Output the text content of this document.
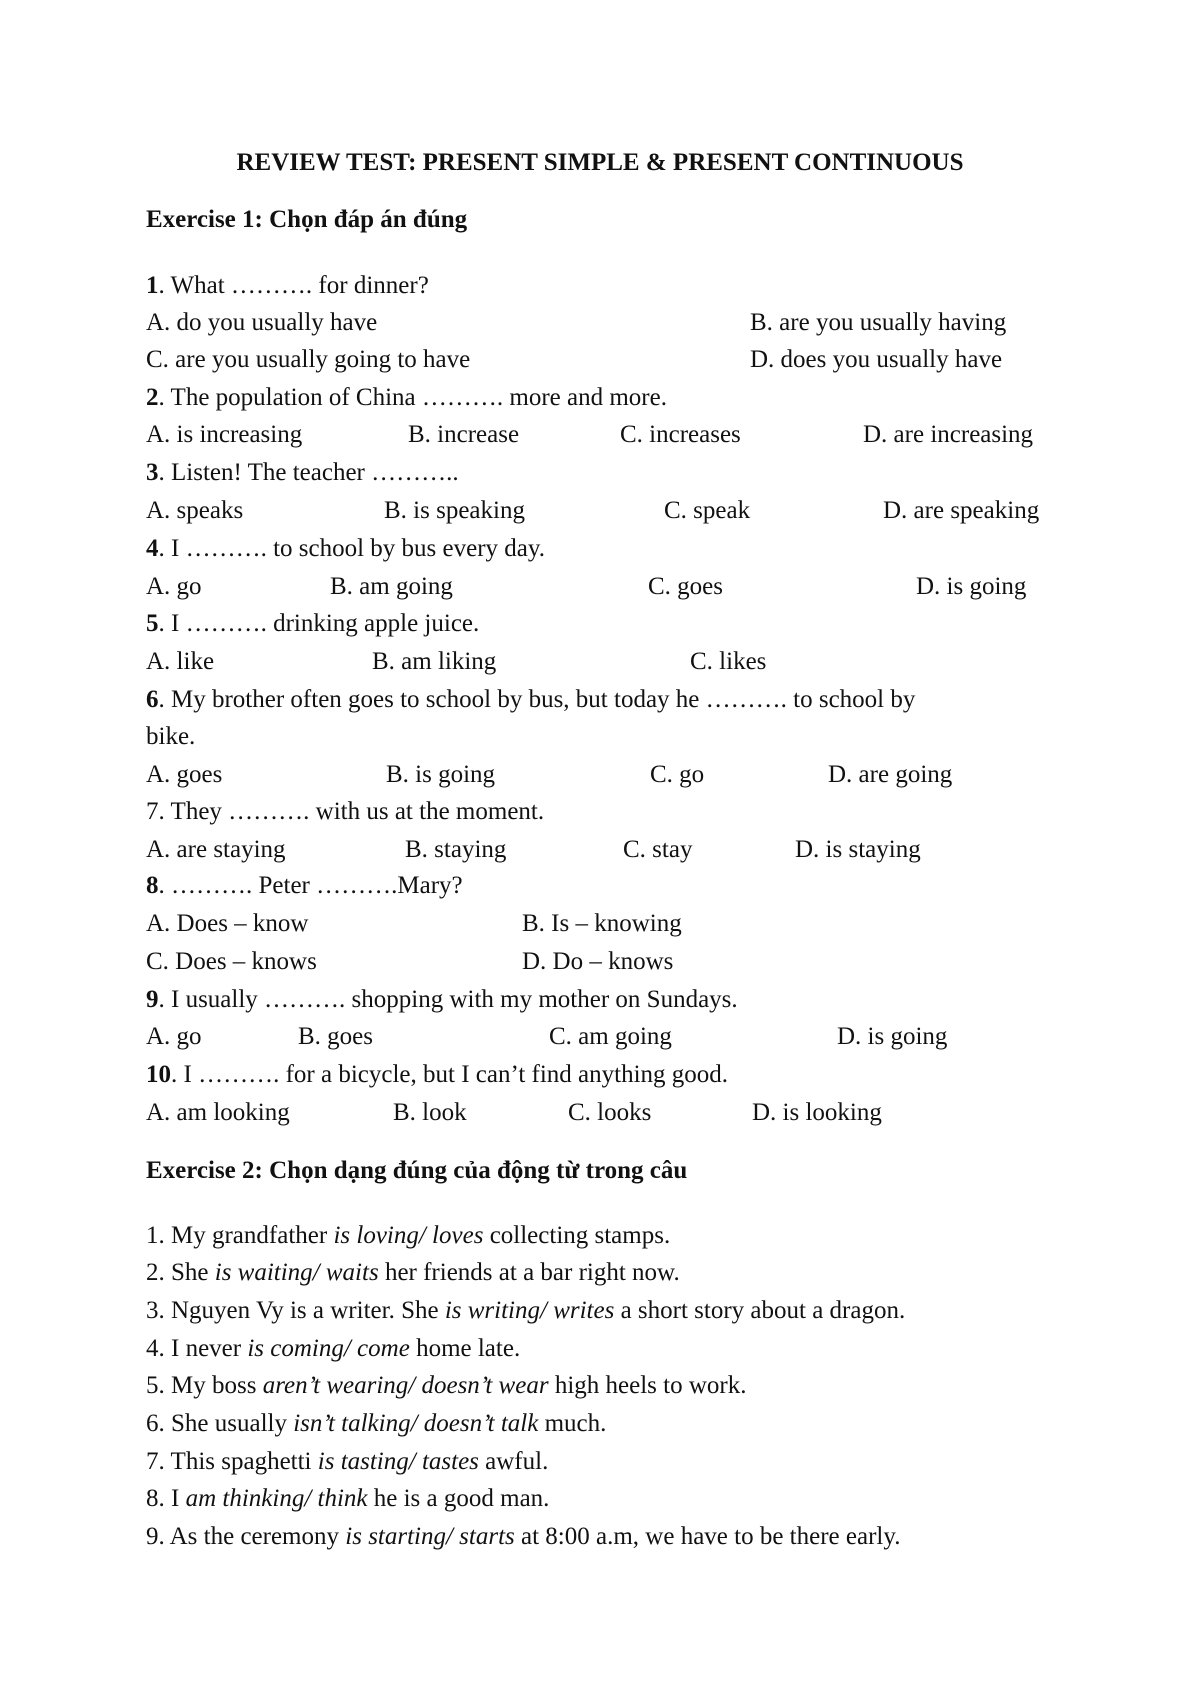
REVIEW TEST: PRESENT SIMPLE & PRESENT CONTINUOUS
Exercise 1: Chọn đáp án đúng
1. What ………. for dinner?
A. do you usually have	B. are you usually having
C. are you usually going to have	D. does you usually have
2. The population of China ………. more and more.
A. is increasing	B. increase	C. increases	D. are increasing
3. Listen! The teacher ………..
A. speaks	B. is speaking	C. speak	D. are speaking
4. I ………. to school by bus every day.
A. go	B. am going	C. goes	D. is going
5. I ………. drinking apple juice.
A. like	B. am liking	C. likes
6. My brother often goes to school by bus, but today he ………. to school by
bike.
A. goes	B. is going	C. go	D. are going
7. They ………. with us at the moment.
A. are staying	B. staying	C. stay	D. is staying
8. ………. Peter ……….Mary?
A. Does – know	B. Is – knowing
C. Does – knows	D. Do – knows
9. I usually ………. shopping with my mother on Sundays.
A. go	B. goes	C. am going	D. is going
10. I ………. for a bicycle, but I can’t find anything good.
A. am looking	B. look	C. looks	D. is looking
Exercise 2: Chọn dạng đúng của động từ trong câu
1. My grandfather is loving/ loves collecting stamps.
2. She is waiting/ waits her friends at a bar right now.
3. Nguyen Vy is a writer. She is writing/ writes a short story about a dragon.
4. I never is coming/ come home late.
5. My boss aren’t wearing/ doesn’t wear high heels to work.
6. She usually isn’t talking/ doesn’t talk much.
7. This spaghetti is tasting/ tastes awful.
8. I am thinking/ think he is a good man.
9. As the ceremony is starting/ starts at 8:00 a.m, we have to be there early.
